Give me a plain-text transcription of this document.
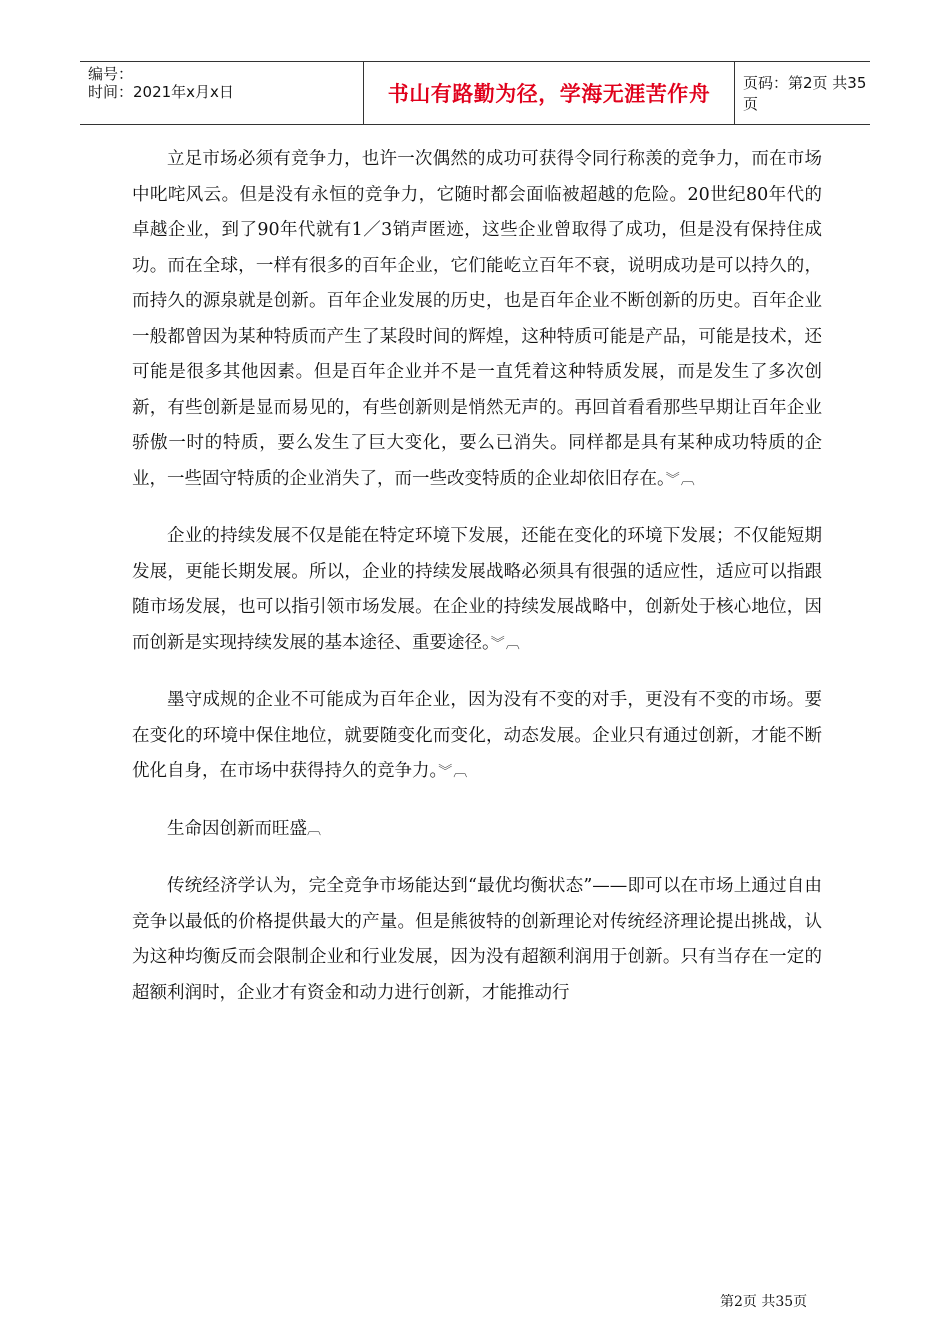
编号：
时间：2021年x月x日	书山有路勤为径，学海无涯苦作舟	页码：第2页 共35页

立足市场必须有竞争力，也许一次偶然的成功可获得令同行称羡的竞争力，而在市场中叱咤风云。但是没有永恒的竞争力，它随时都会面临被超越的危险。20世纪80年代的卓越企业，到了90年代就有1／3销声匿迹，这些企业曾取得了成功，但是没有保持住成功。而在全球，一样有很多的百年企业，它们能屹立百年不衰，说明成功是可以持久的，而持久的源泉就是创新。百年企业发展的历史，也是百年企业不断创新的历史。百年企业一般都曾因为某种特质而产生了某段时间的辉煌，这种特质可能是产品，可能是技术，还可能是很多其他因素。但是百年企业并不是一直凭着这种特质发展，而是发生了多次创新，有些创新是显而易见的，有些创新则是悄然无声的。再回首看看那些早期让百年企业骄傲一时的特质，要么发生了巨大变化，要么已消失。同样都是具有某种成功特质的企业，一些固守特质的企业消失了，而一些改变特质的企业却依旧存在。︾︹

企业的持续发展不仅是能在特定环境下发展，还能在变化的环境下发展；不仅能短期发展，更能长期发展。所以，企业的持续发展战略必须具有很强的适应性，适应可以指跟随市场发展，也可以指引领市场发展。在企业的持续发展战略中，创新处于核心地位，因而创新是实现持续发展的基本途径、重要途径。︾︹

墨守成规的企业不可能成为百年企业，因为没有不变的对手，更没有不变的市场。要在变化的环境中保住地位，就要随变化而变化，动态发展。企业只有通过创新，才能不断优化自身，在市场中获得持久的竞争力。︾︹

生命因创新而旺盛︹

传统经济学认为，完全竞争市场能达到“最优均衡状态”——即可以在市场上通过自由竞争以最低的价格提供最大的产量。但是熊彼特的创新理论对传统经济理论提出挑战，认为这种均衡反而会限制企业和行业发展，因为没有超额利润用于创新。只有当存在一定的超额利润时，企业才有资金和动力进行创新，才能推动行

第2页 共35页
